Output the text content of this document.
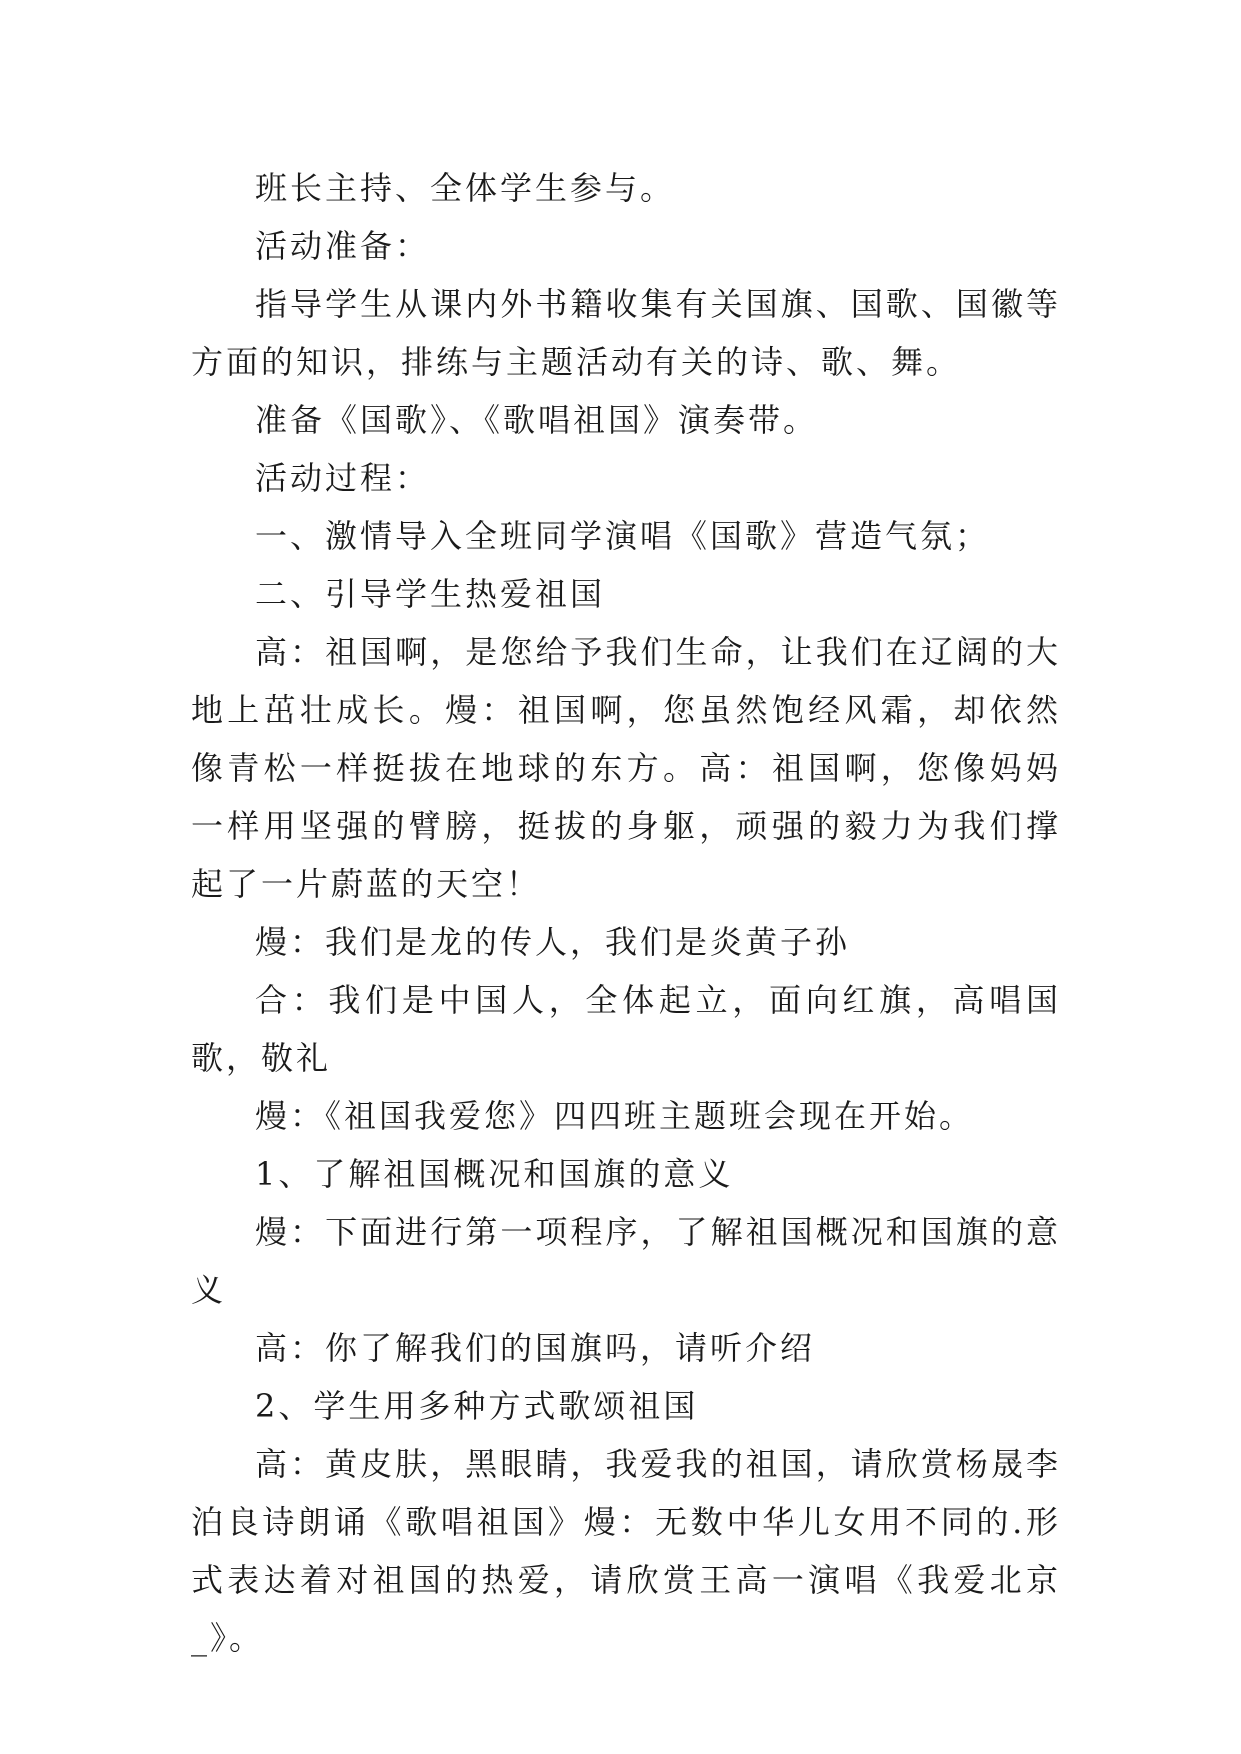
班长主持、全体学生参与。

活动准备：

指导学生从课内外书籍收集有关国旗、国歌、国徽等方面的知识，排练与主题活动有关的诗、歌、舞。

准备《国歌》、《歌唱祖国》演奏带。

活动过程：

一、激情导入全班同学演唱《国歌》营造气氛；

二、引导学生热爱祖国

高：祖国啊，是您给予我们生命，让我们在辽阔的大地上茁壮成长。熳：祖国啊，您虽然饱经风霜，却依然像青松一样挺拔在地球的东方。高：祖国啊，您像妈妈一样用坚强的臂膀，挺拔的身躯，顽强的毅力为我们撑起了一片蔚蓝的天空！

熳：我们是龙的传人，我们是炎黄子孙

合：我们是中国人，全体起立，面向红旗，高唱国歌，敬礼

熳：《祖国我爱您》四四班主题班会现在开始。

1、了解祖国概况和国旗的意义

熳：下面进行第一项程序，了解祖国概况和国旗的意义

高：你了解我们的国旗吗，请听介绍

2、学生用多种方式歌颂祖国

高：黄皮肤，黑眼睛，我爱我的祖国，请欣赏杨晟李泊良诗朗诵《歌唱祖国》熳：无数中华儿女用不同的.形式表达着对祖国的热爱，请欣赏王高一演唱《我爱北京_》。
